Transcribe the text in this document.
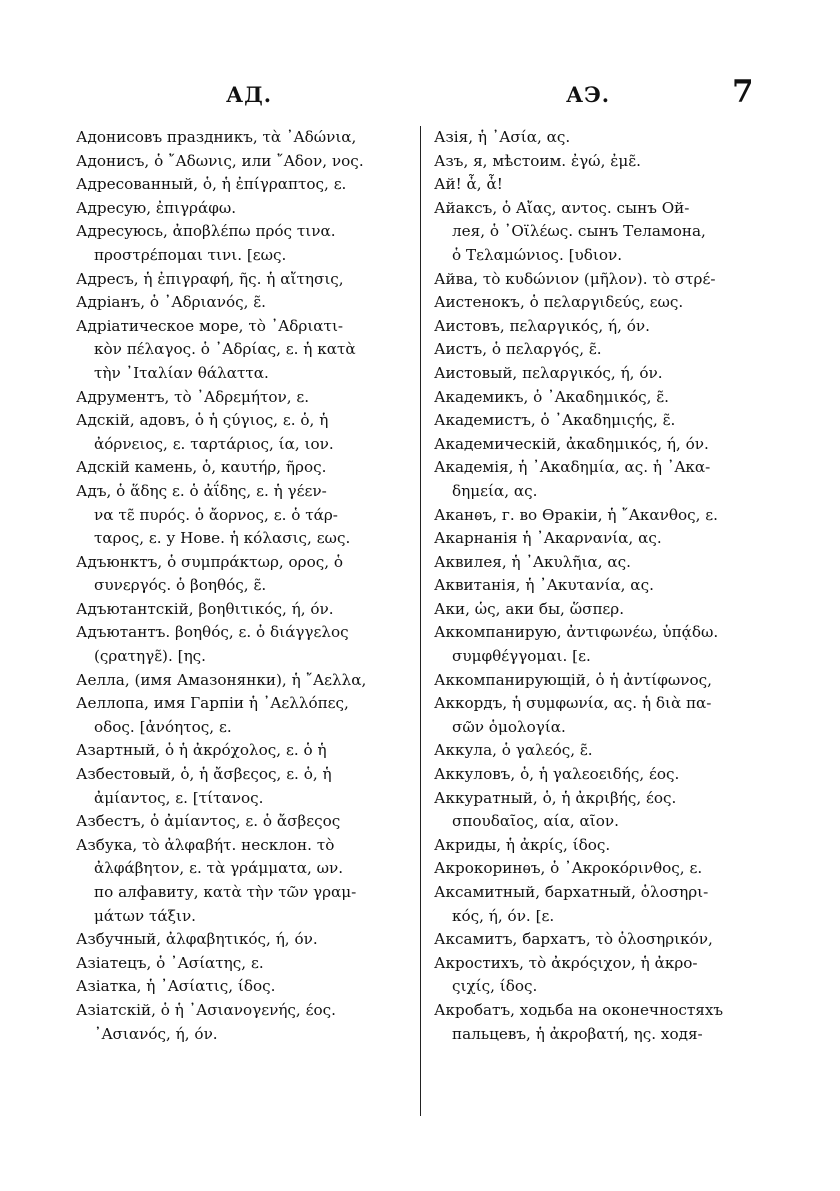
АД.	АЭ.	7
Адонисовъ праздникъ, τὰ ᾿Αδώνια,
Адонисъ, ὁ ῎Αδωνις, или ῎Αδον, νος.
Адресованный, ὁ, ἡ ἐπίγραπτος, ε.
Адресую, ἐπιγράφω.
Адресуюсь, ἀποβλέπω πρός τινα.
προστρέπομαι τινι. [εως.
Адресъ, ἡ ἐπιγραφή, ῆς. ἡ αἴτησις,
Адріанъ, ὁ ᾿Αδριανός, ε̃.
Адріатическое море, τὸ ᾿Αδριατι-
κὸν πέλαγος. ὁ ᾿Αδρίας, ε. ἡ κατὰ
τὴν ᾿Ιταλίαν θάλαττα.
Адрументъ, τὸ ᾿Αδρεμήτον, ε.
Адскій, адовъ, ὁ ἡ ςύγιος, ε. ὁ, ἡ
ἀόρνειος, ε. ταρτάριος, ία, ιον.
Адскій камень, ὁ, καυτήρ, ῆρος.
Адъ, ὁ ἅδης ε. ὁ ἀΐδης, ε. ἡ γέεν-
να τε̃ πυρός. ὁ ἄορνος, ε. ὁ τάρ-
ταρος, ε. у Нове. ἡ κόλασις, εως.
Адъюнктъ, ὁ συμπράκτωρ, ορος, ὁ
συνεργός. ὁ βοηθός, ε̃.
Адъютантскій, βοηθιτικός, ή, όν.
Адъютантъ. βοηθός, ε. ὁ διάγγελος
(ςρατηγε̃). [ης.
Аелла, (имя Амазонянки), ἡ ῎Αελλα,
Аеллопа, имя Гарпіи ἡ ᾿Αελλόπες,
οδος. [ἀνόητος, ε.
Азартный, ὁ ἡ ἀκρόχολος, ε. ὁ ἡ
Азбестовый, ὁ, ἡ ἄσβεςος, ε. ὁ, ἡ
ἀμίαντος, ε. [τίτανος.
Азбестъ, ὁ ἀμίαντος, ε. ὁ ἄσβεςος
Азбука, τὸ ἀλφαβήτ. несклон. τὸ
ἀλφάβητον, ε. τὰ γράμματα, ων.
по алфавиту, κατὰ τὴν τῶν γραμ-
μάτων τάξιν.
Азбучный, ἀλφαβητικός, ή, όν.
Азіатецъ, ὁ ᾿Ασίατης, ε.
Азіатка, ἡ ᾿Ασίατις, ίδος.
Азіатскій, ὁ ἡ ᾿Ασιανογενής, έος.
᾿Ασιανός, ή, όν.
Азія, ἡ ᾿Ασία, ας.
Азъ, я, мѣстоим. ἐγώ, ἐμε̃.
Ай! ἆ, ἆ!
Айаксъ, ὁ Αἴας, αντος. сынъ Ой-
лея, ὁ ᾿Οϊλέως. сынъ Теламона,
ὁ Τελαμώνιος. [υδιον.
Айва, τὸ κυδώνιον (μῆλον). τὸ στρέ-
Аистенокъ, ὁ πελαργιδεύς, εως.
Аистовъ, πελαργικός, ή, όν.
Аистъ, ὁ πελαργός, ε̃.
Аистовый, πελαργικός, ή, όν.
Академикъ, ὁ ᾿Ακαδημικός, ε̃.
Академистъ, ὁ ᾿Ακαδημιςής, ε̃.
Академическій, ἀκαδημικός, ή, όν.
Академія, ἡ ᾿Ακαδημία, ας. ἡ ᾿Ακα-
δημεία, ας.
Аканѳъ, г. во Ѳракіи, ἡ ῎Ακανθος, ε.
Акарнанія ἡ ᾿Ακαρνανία, ας.
Аквилея, ἡ ᾿Ακυλῆια, ας.
Аквитанія, ἡ ᾿Ακυτανία, ας.
Аки, ὡς, аки бы, ὥσπερ.
Аккомпанирую, ἀντιφωνέω, ὑπᾴδω.
συμφθέγγομαι. [ε.
Аккомпанирующій, ὁ ἡ ἀντίφωνος,
Аккордъ, ἡ συμφωνία, ας. ἡ διὰ πα-
σῶν ὁμολογία.
Аккула, ὁ γαλεός, ε̃.
Аккуловъ, ὁ, ἡ γαλεοειδής, έος.
Аккуратный, ὁ, ἡ ἀκριβής, έος.
σπουδαῖος, αία, αῖον.
Акриды, ἡ ἀκρίς, ίδος.
Акрокоринѳъ, ὁ ᾿Ακροκόρινθος, ε.
Аксамитный, бархатный, ὁλοσηρι-
κός, ή, όν. [ε.
Аксамитъ, бархатъ, τὸ ὁλοσηρικόν,
Акростихъ, τὸ ἀκρόςιχον, ἡ ἀκρο-
ςιχίς, ίδος.
Акробатъ, ходьба на оконечностяхъ
пальцевъ, ἡ ἀκροβατή, ης. ходя-
